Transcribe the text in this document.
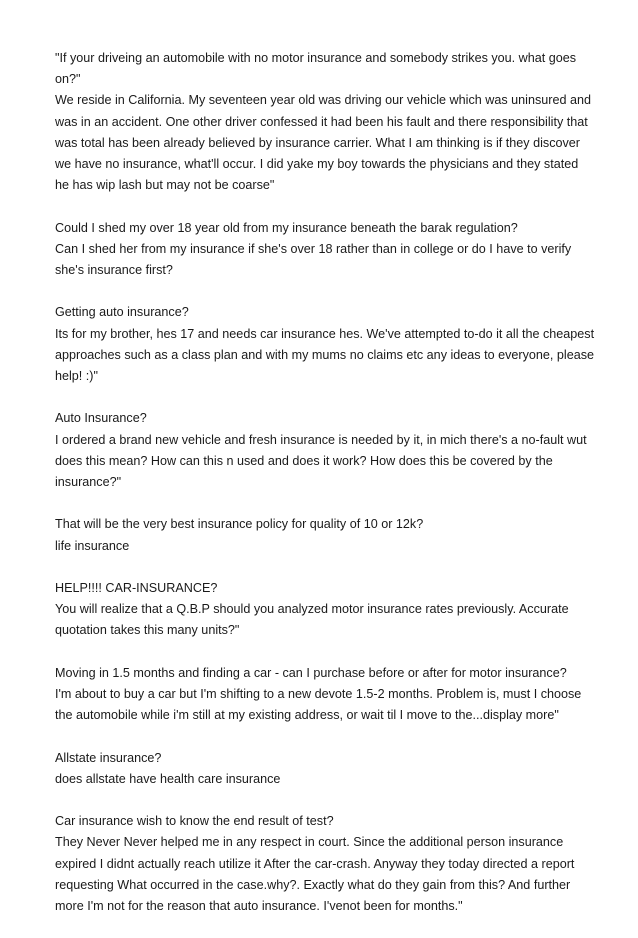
"If your driveing an automobile with no motor insurance and somebody strikes you. what goes on?"

We reside in California. My seventeen year old was driving our vehicle which was uninsured and was in an accident. One other driver confessed it had been his fault and there responsibility that was total has been already believed by insurance carrier. What I am thinking is if they discover we have no insurance, what'll occur. I did yake my boy towards the physicians and they stated he has wip lash but may not be coarse"

Could I shed my over 18 year old from my insurance beneath the barak regulation?

Can I shed her from my insurance if she's over 18 rather than in college or do I have to verify she's insurance first?

Getting auto insurance?

Its for my brother, hes 17 and needs car insurance hes. We've attempted to-do it all the cheapest approaches such as a class plan and with my mums no claims etc any ideas to everyone, please help! :)"

Auto Insurance?

I ordered a brand new vehicle and fresh insurance is needed by it, in mich there's a no-fault wut does this mean? How can this n used and does it work? How does this be covered by the insurance?"

That will be the very best insurance policy for quality of 10 or 12k?

life insurance

HELP!!!! CAR-INSURANCE?

You will realize that a Q.B.P should you analyzed motor insurance rates previously. Accurate quotation takes this many units?"

Moving in 1.5 months and finding a car - can I purchase before or after for motor insurance?

I'm about to buy a car but I'm shifting to a new devote 1.5-2 months. Problem is, must I choose the automobile while i'm still at my existing address, or wait til I move to the...display more"

Allstate insurance?

does allstate have health care insurance

Car insurance wish to know the end result of test?

They Never Never helped me in any respect in court. Since the additional person insurance expired I didnt actually reach utilize it After the car-crash. Anyway they today directed a report requesting What occurred in the case.why?. Exactly what do they gain from this? And further more I'm not for the reason that auto insurance. I'venot been for months."
